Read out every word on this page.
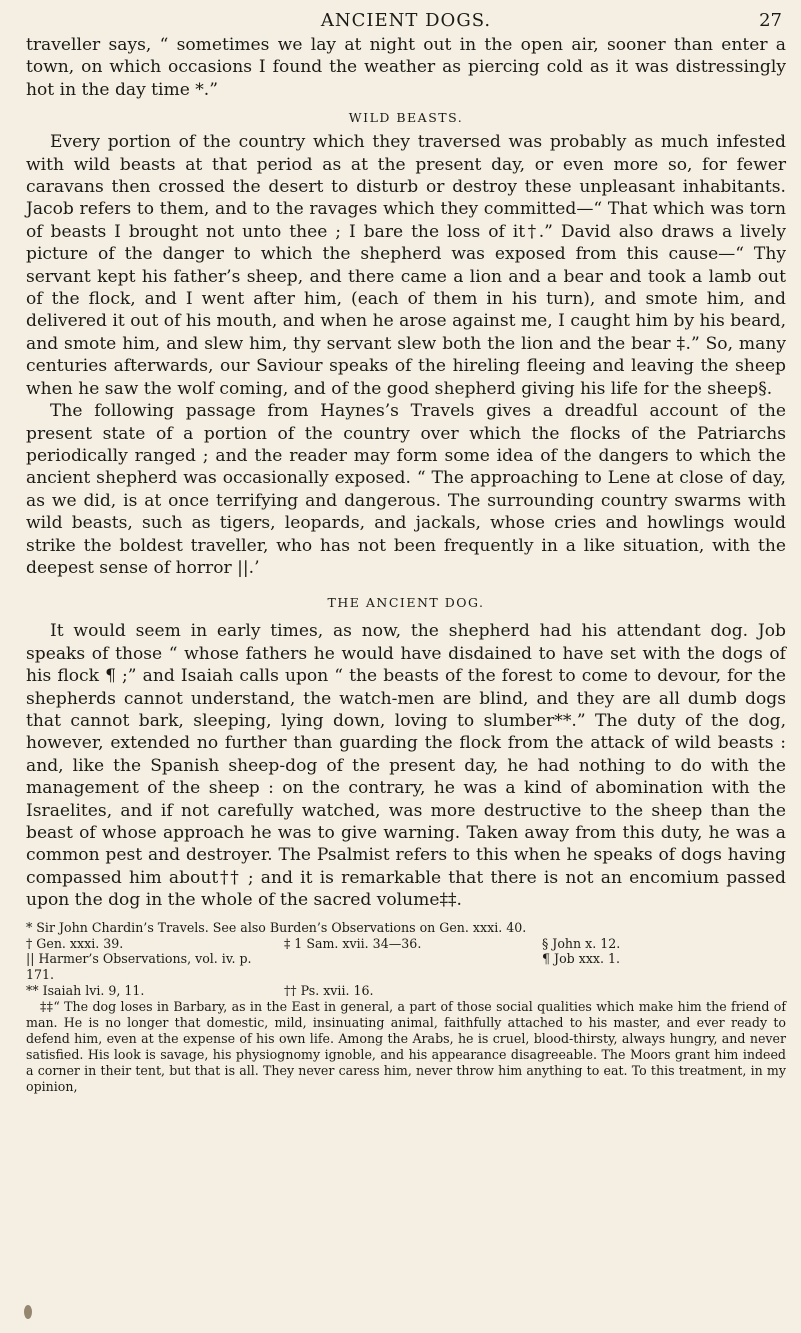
ANCIENT DOGS.	27

traveller says, “ sometimes we lay at night out in the open air, sooner than enter a town, on which occasions I found the weather as piercing cold as it was distressingly hot in the day time *.”

WILD BEASTS.

Every portion of the country which they traversed was probably as much infested with wild beasts at that period as at the present day, or even more so, for fewer caravans then crossed the desert to disturb or destroy these unpleasant inhabitants. Jacob refers to them, and to the ravages which they committed—“ That which was torn of beasts I brought not unto thee ; I bare the loss of it†.” David also draws a lively picture of the danger to which the shepherd was exposed from this cause—“ Thy servant kept his father’s sheep, and there came a lion and a bear and took a lamb out of the flock, and I went after him, (each of them in his turn), and smote him, and delivered it out of his mouth, and when he arose against me, I caught him by his beard, and smote him, and slew him, thy servant slew both the lion and the bear ‡.” So, many centuries afterwards, our Saviour speaks of the hireling fleeing and leaving the sheep when he saw the wolf coming, and of the good shepherd giving his life for the sheep§.
The following passage from Haynes’s Travels gives a dreadful account of the present state of a portion of the country over which the flocks of the Patriarchs periodically ranged ; and the reader may form some idea of the dangers to which the ancient shepherd was occasionally exposed. “ The approaching to Lene at close of day, as we did, is at once terrifying and dangerous. The surrounding country swarms with wild beasts, such as tigers, leopards, and jackals, whose cries and howlings would strike the boldest traveller, who has not been frequently in a like situation, with the deepest sense of horror ||.’

THE ANCIENT DOG.

It would seem in early times, as now, the shepherd had his attendant dog. Job speaks of those “ whose fathers he would have disdained to have set with the dogs of his flock ¶ ;” and Isaiah calls upon “ the beasts of the forest to come to devour, for the shepherds cannot understand, the watch-men are blind, and they are all dumb dogs that cannot bark, sleeping, lying down, loving to slumber**.” The duty of the dog, however, extended no further than guarding the flock from the attack of wild beasts : and, like the Spanish sheep-dog of the present day, he had nothing to do with the management of the sheep : on the contrary, he was a kind of abomination with the Israelites, and if not carefully watched, was more destructive to the sheep than the beast of whose approach he was to give warning. Taken away from this duty, he was a common pest and destroyer. The Psalmist refers to this when he speaks of dogs having compassed him about†† ; and it is remarkable that there is not an encomium passed upon the dog in the whole of the sacred volume‡‡.

* Sir John Chardin’s Travels. See also Burden’s Observations on Gen. xxxi. 40.
† Gen. xxxi. 39.	‡ 1 Sam. xvii. 34—36.	§ John x. 12.
|| Harmer’s Observations, vol. iv. p. 171.
¶ Job xxx. 1.
** Isaiah lvi. 9, 11.	†† Ps. xvii. 16.
‡‡“ The dog loses in Barbary, as in the East in general, a part of those social qualities which make him the friend of man. He is no longer that domestic, mild, insinuating animal, faithfully attached to his master, and ever ready to defend him, even at the expense of his own life. Among the Arabs, he is cruel, blood-thirsty, always hungry, and never satisfied. His look is savage, his physiognomy ignoble, and his appearance disagreeable. The Moors grant him indeed a corner in their tent, but that is all. They never caress him, never throw him anything to eat. To this treatment, in my opinion,
